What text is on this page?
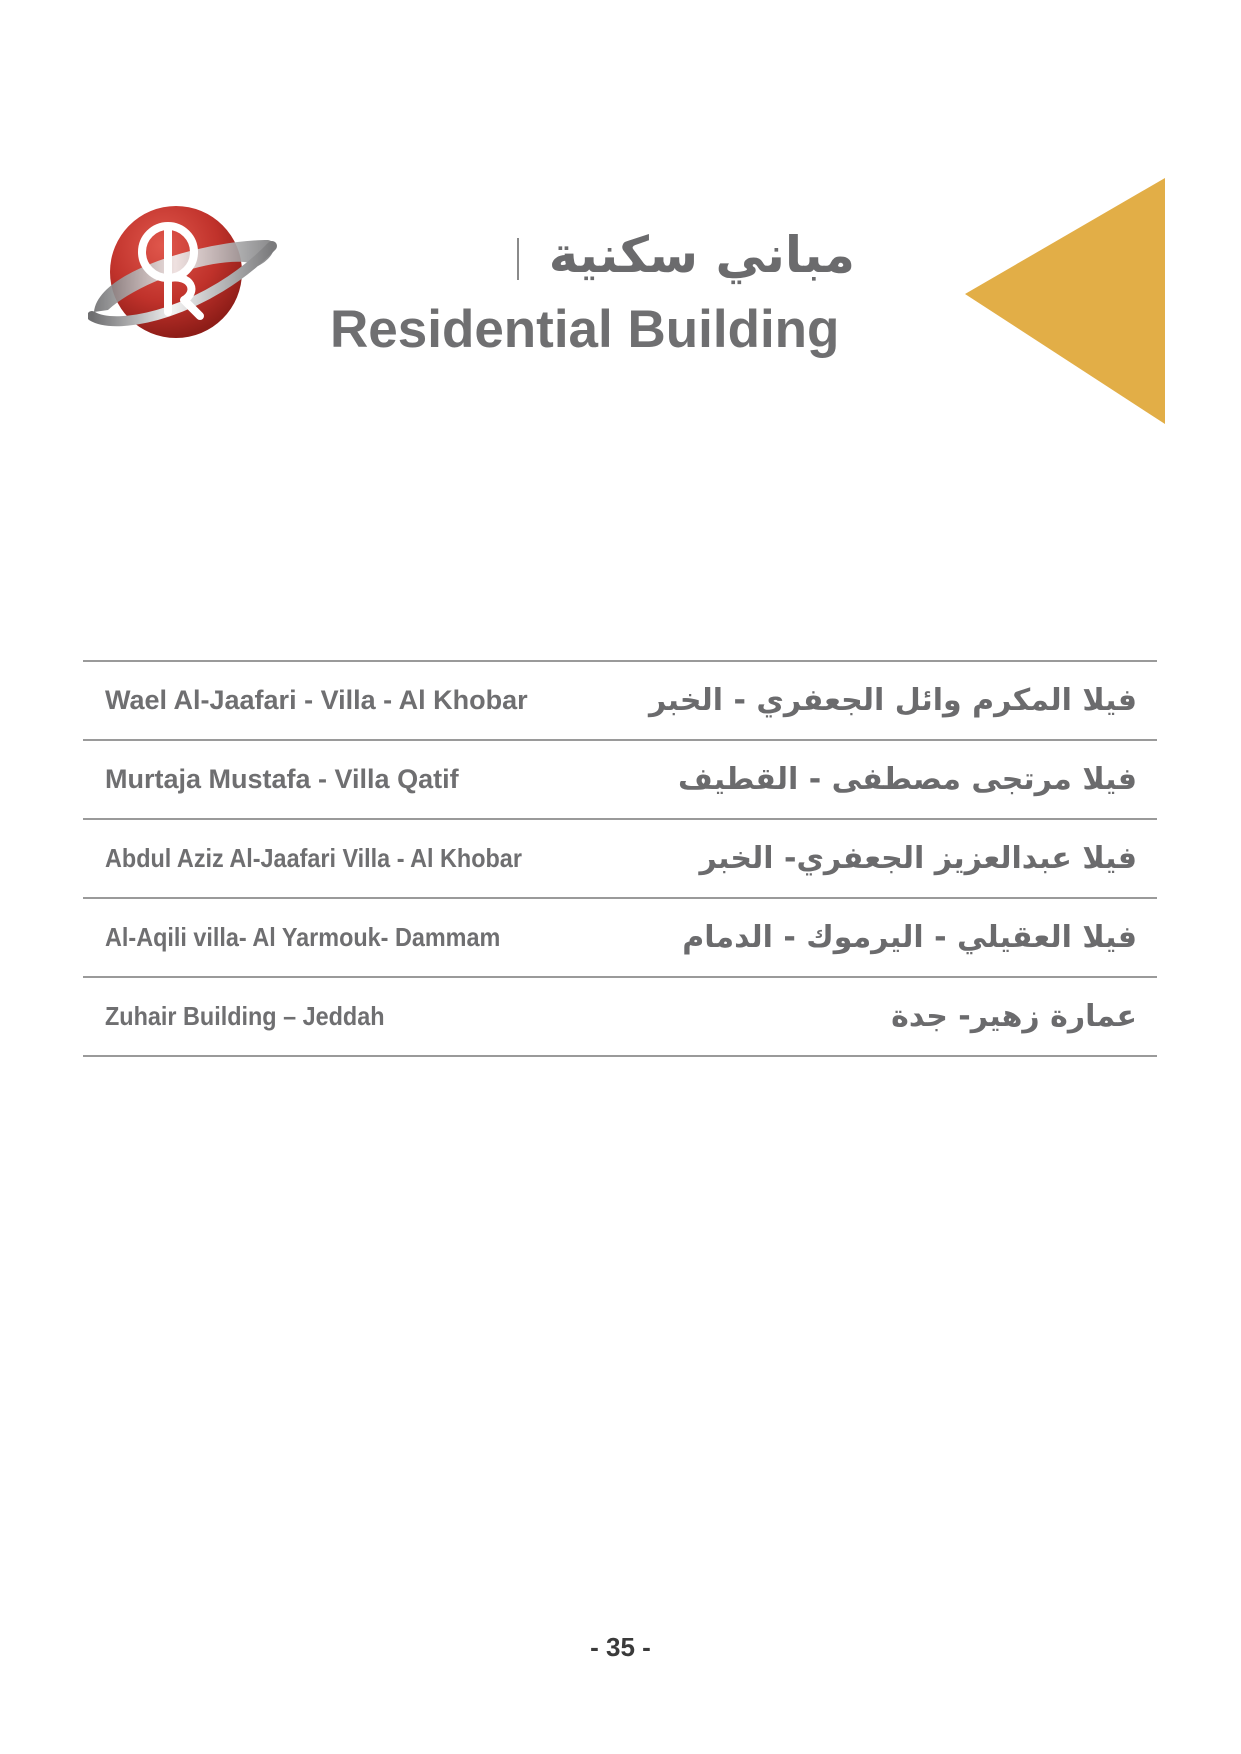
مباني سكنية
Residential Building
Wael Al-Jaafari - Villa - Al Khobar	فيلا المكرم وائل الجعفري - الخبر
Murtaja Mustafa - Villa Qatif	فيلا مرتجى مصطفى - القطيف
Abdul Aziz Al-Jaafari Villa - Al Khobar	فيلا عبدالعزيز الجعفري- الخبر
Al-Aqili villa- Al Yarmouk- Dammam	فيلا العقيلي - اليرموك - الدمام
Zuhair Building – Jeddah	عمارة زهير- جدة
- 35 -
